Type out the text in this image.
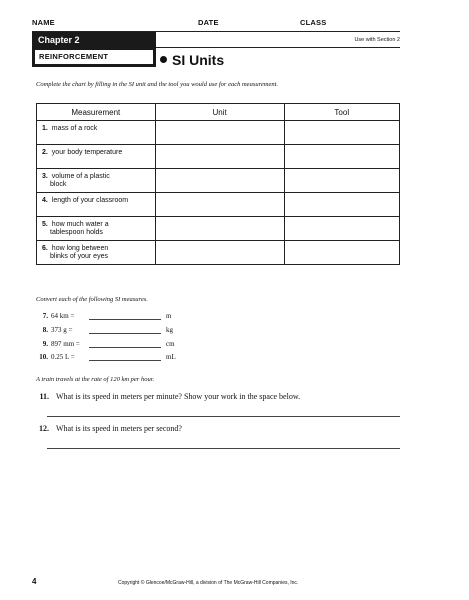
NAME	DATE	CLASS
Chapter 2
REINFORCEMENT
Use with Section 2
SI Units
Complete the chart by filling in the SI unit and the tool you would use for each measurement.
Measurement	Unit	Tool
1. mass of a rock		
2. your body temperature		
3. volume of a plastic
block		
4. length of your classroom		
5. how much water a
tablespoon holds		
6. how long between
blinks of your eyes		
Convert each of the following SI measures.
7. 64 km =	m
8. 373 g =	kg
9. 897 mm =	cm
10. 0.25 L =	mL
A train travels at the rate of 120 km per hour.
11. What is its speed in meters per minute? Show your work in the space below.
12. What is its speed in meters per second?
4	Copyright © Glencoe/McGraw-Hill, a division of The McGraw-Hill Companies, Inc.
